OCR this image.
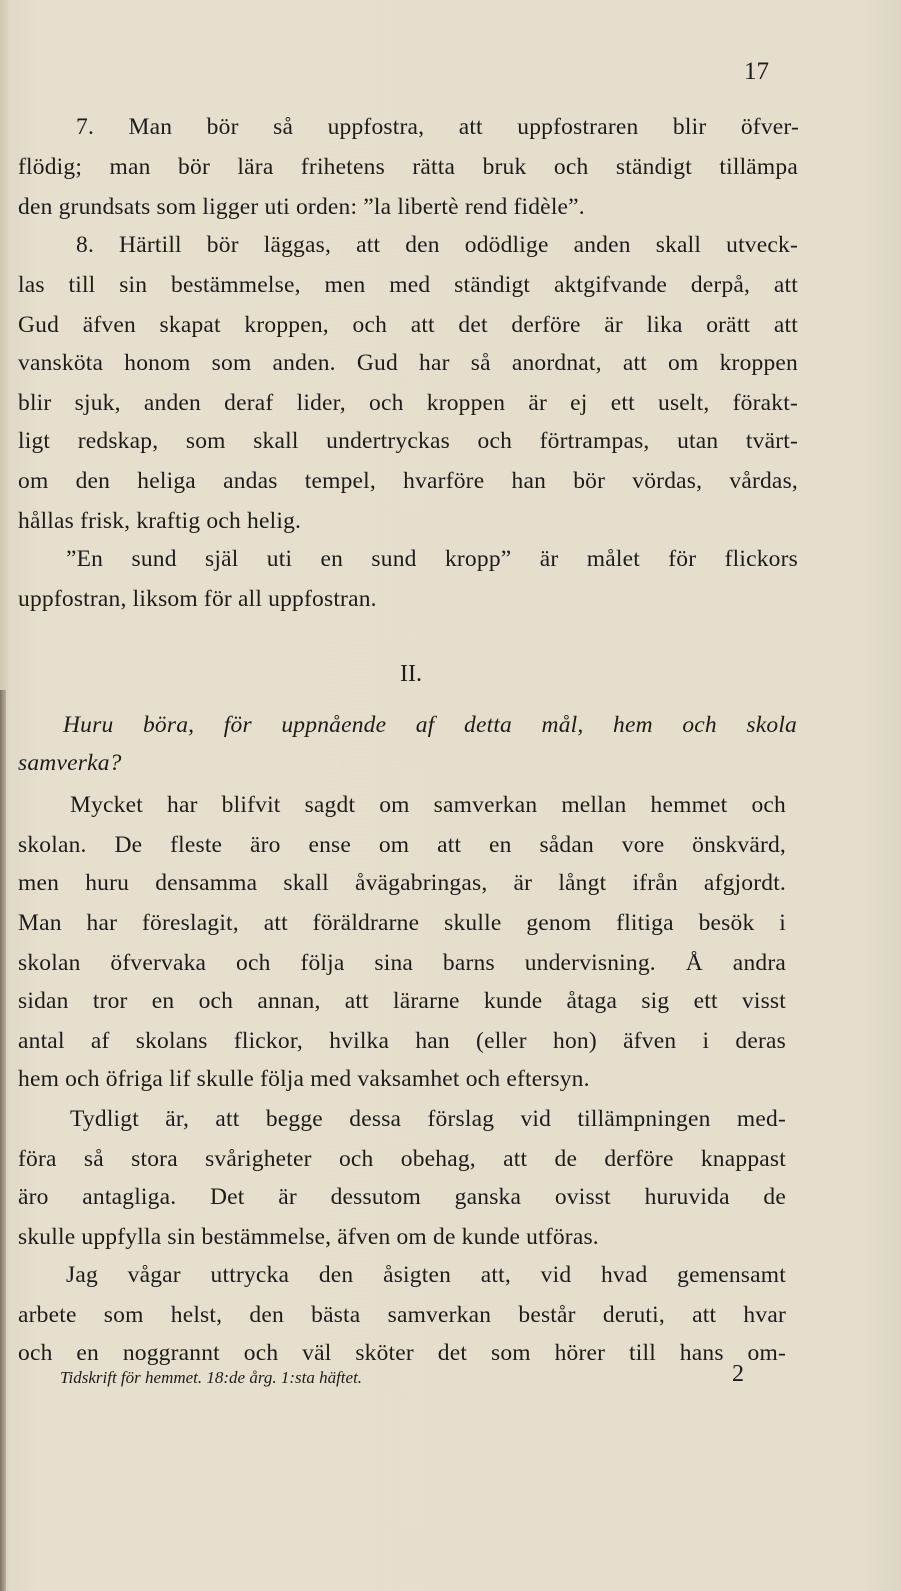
17
7. Man bör så uppfostra, att uppfostraren blir öfver-
flödig; man bör lära frihetens rätta bruk och ständigt tillämpa
den grundsats som ligger uti orden: ”la libertè rend fidèle”.
8. Härtill bör läggas, att den odödlige anden skall utveck-
las till sin bestämmelse, men med ständigt aktgifvande derpå, att
Gud äfven skapat kroppen, och att det derföre är lika orätt att
vansköta honom som anden. Gud har så anordnat, att om kroppen
blir sjuk, anden deraf lider, och kroppen är ej ett uselt, förakt-
ligt redskap, som skall undertryckas och förtrampas, utan tvärt-
om den heliga andas tempel, hvarföre han bör vördas, vårdas,
hållas frisk, kraftig och helig.
”En sund själ uti en sund kropp” är målet för flickors
uppfostran, liksom för all uppfostran.
II.
Huru böra, för uppnående af detta mål, hem och skola
samverka?
Mycket har blifvit sagdt om samverkan mellan hemmet och
skolan. De fleste äro ense om att en sådan vore önskvärd,
men huru densamma skall åvägabringas, är långt ifrån afgjordt.
Man har föreslagit, att föräldrarne skulle genom flitiga besök i
skolan öfvervaka och följa sina barns undervisning. Å andra
sidan tror en och annan, att lärarne kunde åtaga sig ett visst
antal af skolans flickor, hvilka han (eller hon) äfven i deras
hem och öfriga lif skulle följa med vaksamhet och eftersyn.
Tydligt är, att begge dessa förslag vid tillämpningen med-
föra så stora svårigheter och obehag, att de derföre knappast
äro antagliga. Det är dessutom ganska ovisst huruvida de
skulle uppfylla sin bestämmelse, äfven om de kunde utföras.
Jag vågar uttrycka den åsigten att, vid hvad gemensamt
arbete som helst, den bästa samverkan består deruti, att hvar
och en noggrannt och väl sköter det som hörer till hans om-
Tidskrift för hemmet. 18:de årg. 1:sta häftet.	2
